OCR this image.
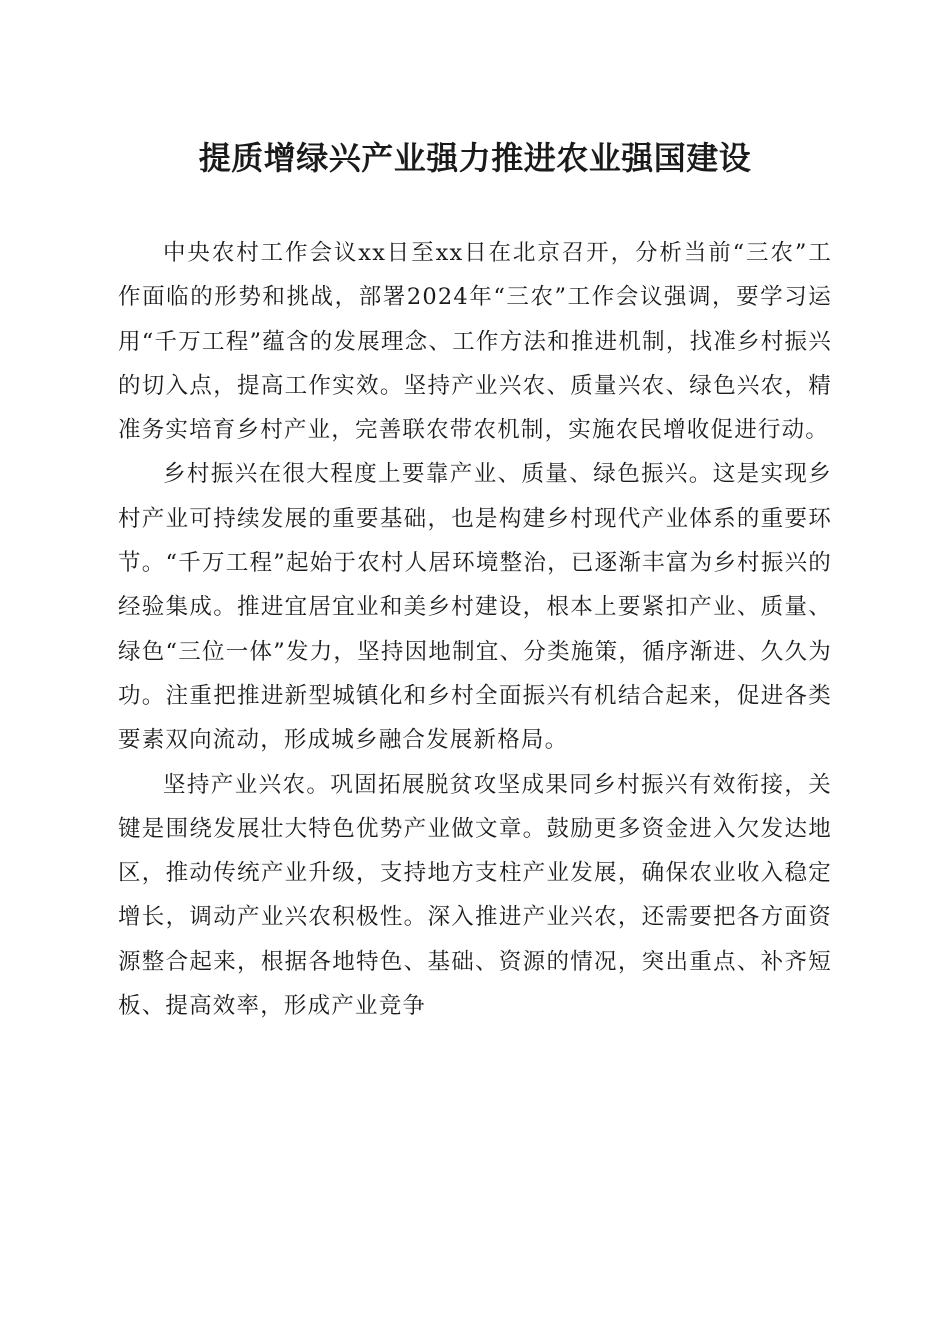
提质增绿兴产业强力推进农业强国建设

中央农村工作会议xx日至xx日在北京召开，分析当前“三农”工作面临的形势和挑战，部署2024年“三农”工作会议强调，要学习运用“千万工程”蕴含的发展理念、工作方法和推进机制，找准乡村振兴的切入点，提高工作实效。坚持产业兴农、质量兴农、绿色兴农，精准务实培育乡村产业，完善联农带农机制，实施农民增收促进行动。

乡村振兴在很大程度上要靠产业、质量、绿色振兴。这是实现乡村产业可持续发展的重要基础，也是构建乡村现代产业体系的重要环节。“千万工程”起始于农村人居环境整治，已逐渐丰富为乡村振兴的经验集成。推进宜居宜业和美乡村建设，根本上要紧扣产业、质量、绿色“三位一体”发力，坚持因地制宜、分类施策，循序渐进、久久为功。注重把推进新型城镇化和乡村全面振兴有机结合起来，促进各类要素双向流动，形成城乡融合发展新格局。

坚持产业兴农。巩固拓展脱贫攻坚成果同乡村振兴有效衔接，关键是围绕发展壮大特色优势产业做文章。鼓励更多资金进入欠发达地区，推动传统产业升级，支持地方支柱产业发展，确保农业收入稳定增长，调动产业兴农积极性。深入推进产业兴农，还需要把各方面资源整合起来，根据各地特色、基础、资源的情况，突出重点、补齐短板、提高效率，形成产业竞争
